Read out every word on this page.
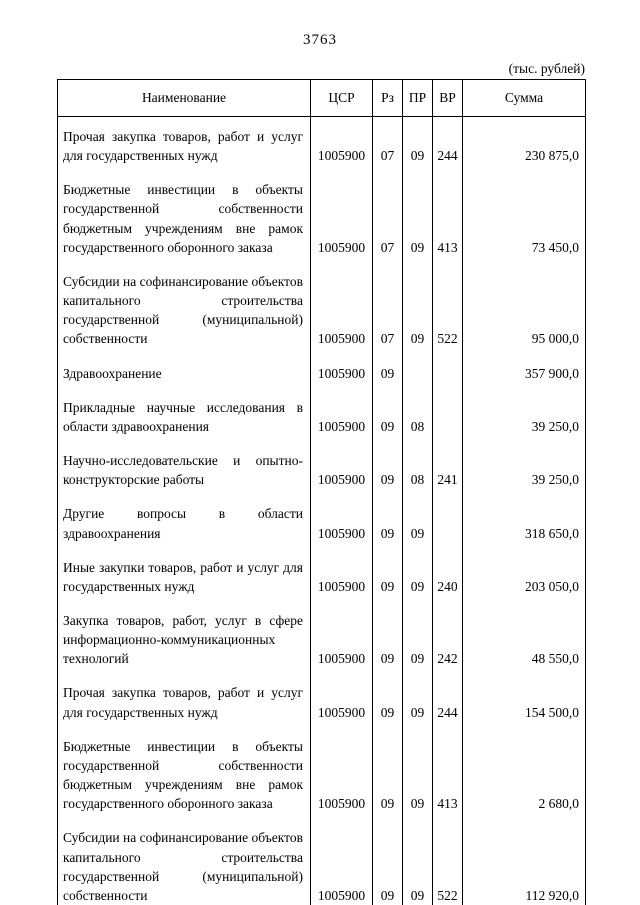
3763
(тыс. рублей)
Наименование	ЦСР	Рз	ПР	ВР	Сумма
Прочая закупка товаров, работ и услуг для государственных нужд	1005900	07	09	244	230 875,0
Бюджетные инвестиции в объекты государственной собственности бюджетным учреждениям вне рамок государственного оборонного заказа	1005900	07	09	413	73 450,0
Субсидии на софинансирование объектов капитального строительства государственной (муниципальной) собственности	1005900	07	09	522	95 000,0
Здравоохранение	1005900	09			357 900,0
Прикладные научные исследования в области здравоохранения	1005900	09	08		39 250,0
Научно-исследовательские и опытно-конструкторские работы	1005900	09	08	241	39 250,0
Другие вопросы в области здравоохранения	1005900	09	09		318 650,0
Иные закупки товаров, работ и услуг для государственных нужд	1005900	09	09	240	203 050,0
Закупка товаров, работ, услуг в сфере информационно-коммуникационных технологий	1005900	09	09	242	48 550,0
Прочая закупка товаров, работ и услуг для государственных нужд	1005900	09	09	244	154 500,0
Бюджетные инвестиции в объекты государственной собственности бюджетным учреждениям вне рамок государственного оборонного заказа	1005900	09	09	413	2 680,0
Субсидии на софинансирование объектов капитального строительства государственной (муниципальной) собственности	1005900	09	09	522	112 920,0
